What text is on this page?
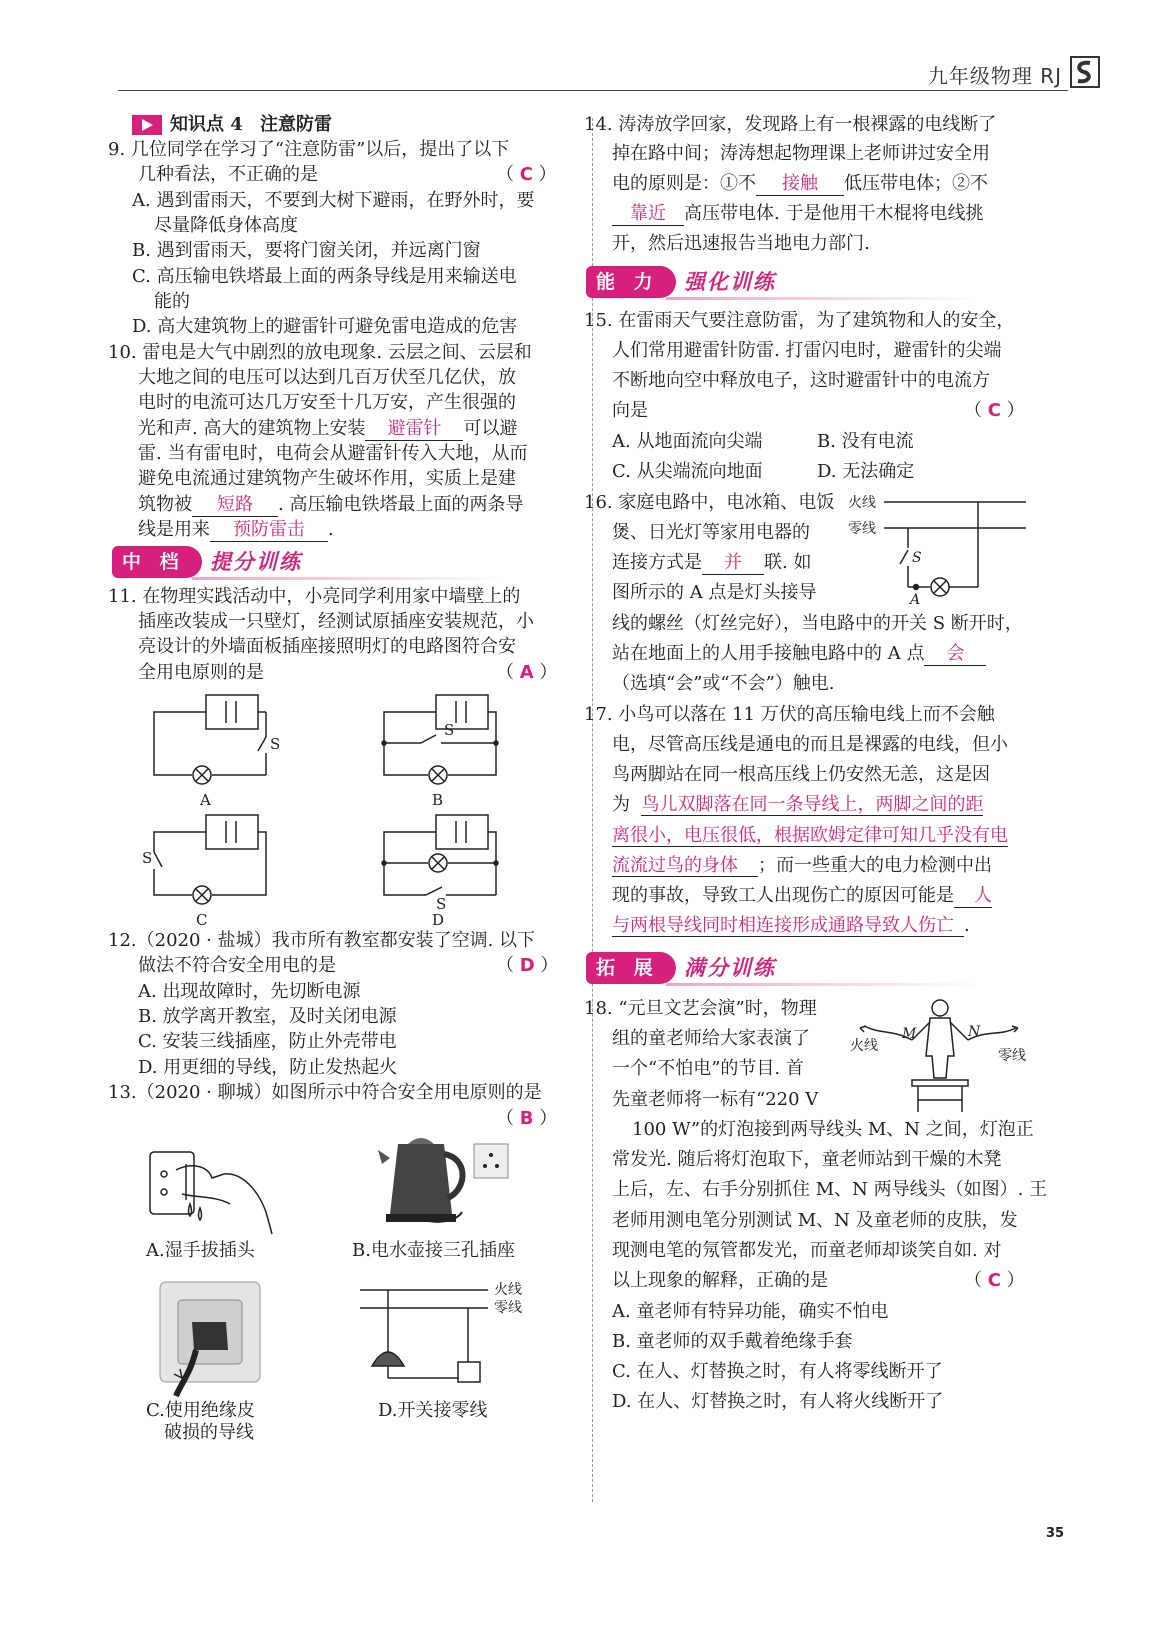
九年级物理 RJ
知识点 4 注意防雷
9. 几位同学在学习了“注意防雷”以后，提出了以下
几种看法，不正确的是	（ C ）
A. 遇到雷雨天，不要到大树下避雨，在野外时，要
尽量降低身体高度
B. 遇到雷雨天，要将门窗关闭，并远离门窗
C. 高压输电铁塔最上面的两条导线是用来输送电
能的
D. 高大建筑物上的避雷针可避免雷电造成的危害
10. 雷电是大气中剧烈的放电现象. 云层之间、云层和
大地之间的电压可以达到几百万伏至几亿伏，放
电时的电流可达几万安至十几万安，产生很强的
光和声. 高大的建筑物上安装 避雷针 可以避
雷. 当有雷电时，电荷会从避雷针传入大地，从而
避免电流通过建筑物产生破坏作用，实质上是建
筑物被 短路 . 高压输电铁塔最上面的两条导
线是用来 预防雷击 .
中 档	提分训练
11. 在物理实践活动中，小亮同学利用家中墙壁上的
插座改装成一只壁灯，经测试原插座安装规范，小
亮设计的外墙面板插座接照明灯的电路图符合安
全用电原则的是	（ A ）
S
A
S
B
S
C
S
D
12.（2020 · 盐城）我市所有教室都安装了空调. 以下
做法不符合安全用电的是	（ D ）
A. 出现故障时，先切断电源
B. 放学离开教室，及时关闭电源
C. 安装三线插座，防止外壳带电
D. 用更细的导线，防止发热起火
13.（2020 · 聊城）如图所示中符合安全用电原则的是
（ B ）
A.湿手拔插头	B.电水壶接三孔插座
C.使用绝缘皮
破损的导线
火线
零线
D.开关接零线
14. 涛涛放学回家，发现路上有一根裸露的电线断了
掉在路中间；涛涛想起物理课上老师讲过安全用
电的原则是：①不 接触 低压带电体；②不
靠近 高压带电体. 于是他用干木棍将电线挑
开，然后迅速报告当地电力部门.
能 力	强化训练
15. 在雷雨天气要注意防雷，为了建筑物和人的安全，
人们常用避雷针防雷. 打雷闪电时，避雷针的尖端
不断地向空中释放电子，这时避雷针中的电流方
向是	（ C ）
A. 从地面流向尖端	B. 没有电流
C. 从尖端流向地面	D. 无法确定
16. 家庭电路中，电冰箱、电饭
煲、日光灯等家用电器的
连接方式是 并 联. 如
图所示的 A 点是灯头接导
线的螺丝（灯丝完好），当电路中的开关 S 断开时，
站在地面上的人用手接触电路中的 A 点 会
（选填“会”或“不会”）触电.
火线
零线
S
A
17. 小鸟可以落在 11 万伏的高压输电线上而不会触
电，尽管高压线是通电的而且是裸露的电线，但小
鸟两脚站在同一根高压线上仍安然无恙，这是因
为 鸟儿双脚落在同一条导线上，两脚之间的距
离很小，电压很低，根据欧姆定律可知几乎没有电
流流过鸟的身体 ；而一些重大的电力检测中出
现的事故，导致工人出现伤亡的原因可能是 人
与两根导线同时相连接形成通路导致人伤亡 .
拓 展	满分训练
18. “元旦文艺会演”时，物理
组的童老师给大家表演了
一个“不怕电”的节目. 首
先童老师将一标有“220 V
100 W”的灯泡接到两导线头 M、N 之间，灯泡正
常发光. 随后将灯泡取下，童老师站到干燥的木凳
上后，左、右手分别抓住 M、N 两导线头（如图）. 王
老师用测电笔分别测试 M、N 及童老师的皮肤，发
现测电笔的氖管都发光，而童老师却谈笑自如. 对
以上现象的解释，正确的是	（ C ）
A. 童老师有特异功能，确实不怕电
B. 童老师的双手戴着绝缘手套
C. 在人、灯替换之时，有人将零线断开了
D. 在人、灯替换之时，有人将火线断开了
火线
零线
M	N
35
